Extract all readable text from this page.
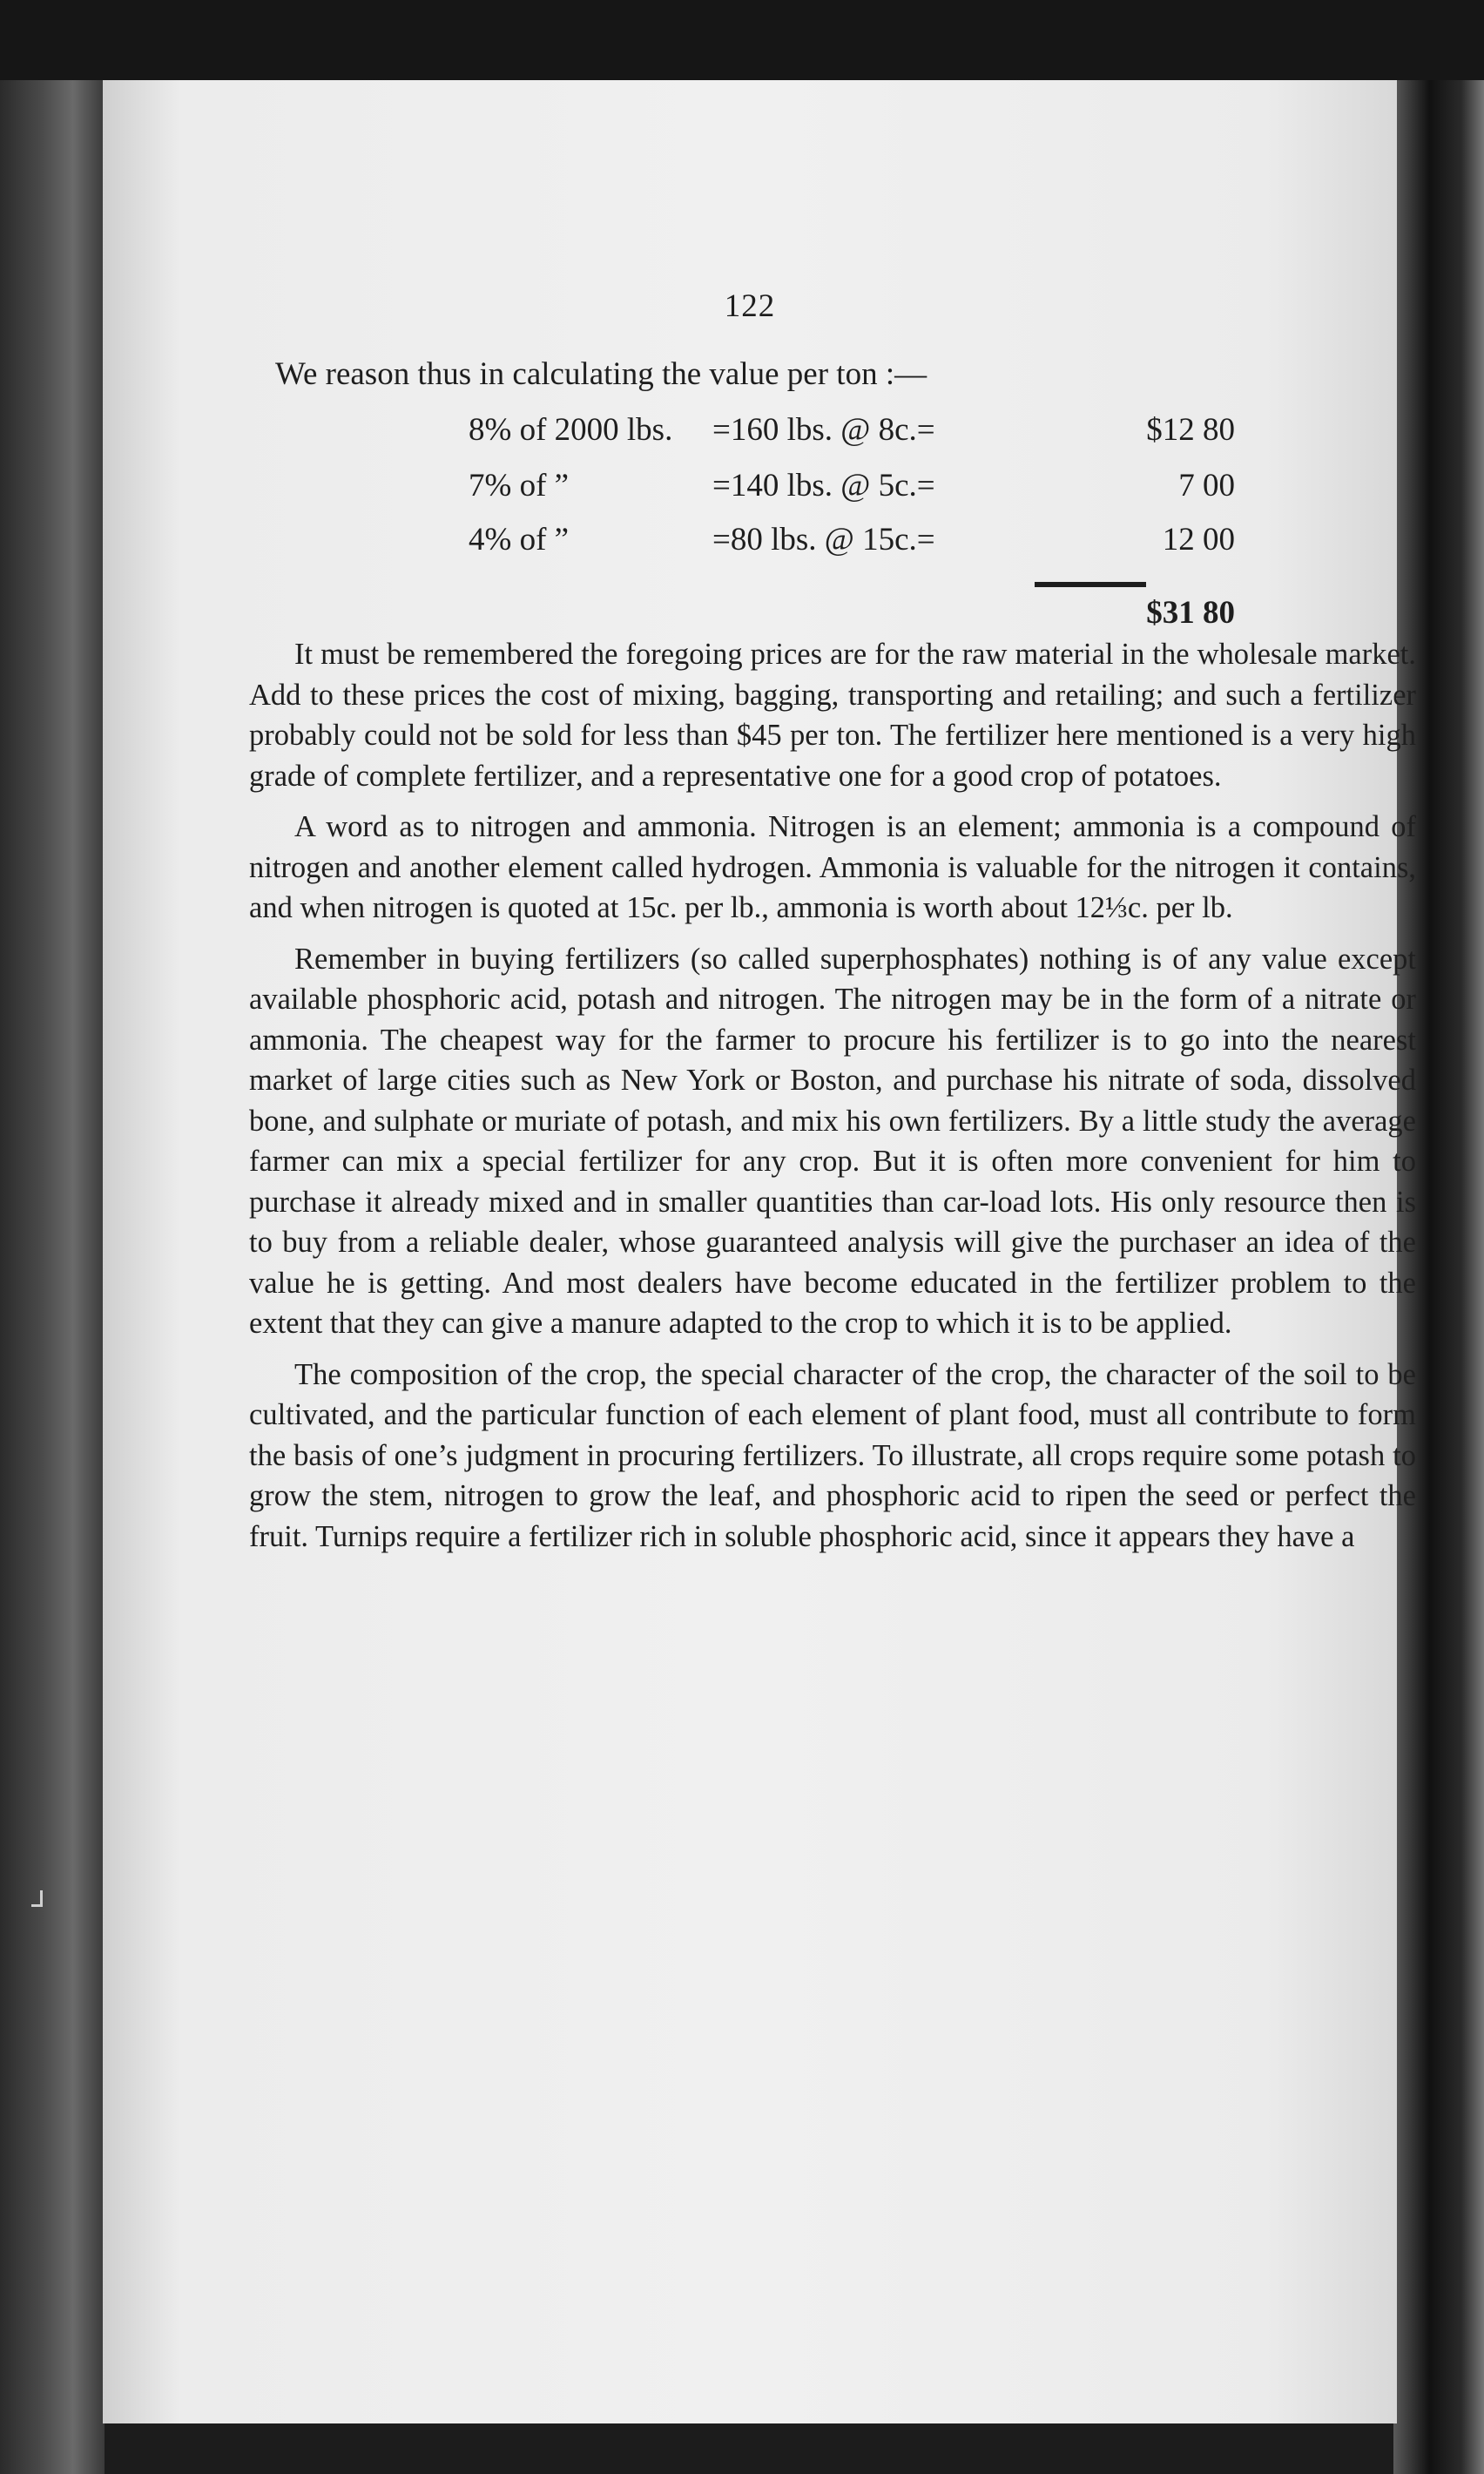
122
We reason thus in calculating the value per ton :—
8% of 2000 lbs. =160 lbs. @ 8c.=	$12 80
7% of ”	=140 lbs. @ 5c.=	7 00
4% of ”	=80 lbs. @ 15c.=	12 00
$31 80

It must be remembered the foregoing prices are for the raw material in the wholesale market. Add to these prices the cost of mixing, bagging, transporting and retailing; and such a fertilizer probably could not be sold for less than $45 per ton. The fertilizer here mentioned is a very high grade of complete fertilizer, and a representative one for a good crop of potatoes.

A word as to nitrogen and ammonia. Nitrogen is an element; ammonia is a compound of nitrogen and another element called hydrogen. Ammonia is valuable for the nitrogen it contains, and when nitrogen is quoted at 15c. per lb., ammonia is worth about 12⅓c. per lb.

Remember in buying fertilizers (so called superphosphates) nothing is of any value except available phosphoric acid, potash and nitrogen. The nitrogen may be in the form of a nitrate or ammonia. The cheapest way for the farmer to procure his fertilizer is to go into the nearest market of large cities such as New York or Boston, and purchase his nitrate of soda, dissolved bone, and sulphate or muriate of potash, and mix his own fertilizers. By a little study the average farmer can mix a special fertilizer for any crop. But it is often more convenient for him to purchase it already mixed and in smaller quantities than car-load lots. His only resource then is to buy from a reliable dealer, whose guaranteed analysis will give the purchaser an idea of the value he is getting. And most dealers have become educated in the fertilizer problem to the extent that they can give a manure adapted to the crop to which it is to be applied.

The composition of the crop, the special character of the crop, the character of the soil to be cultivated, and the particular function of each element of plant food, must all contribute to form the basis of one’s judgment in procuring fertilizers. To illustrate, all crops require some potash to grow the stem, nitrogen to grow the leaf, and phosphoric acid to ripen the seed or perfect the fruit. Turnips require a fertilizer rich in soluble phosphoric acid, since it appears they have a
